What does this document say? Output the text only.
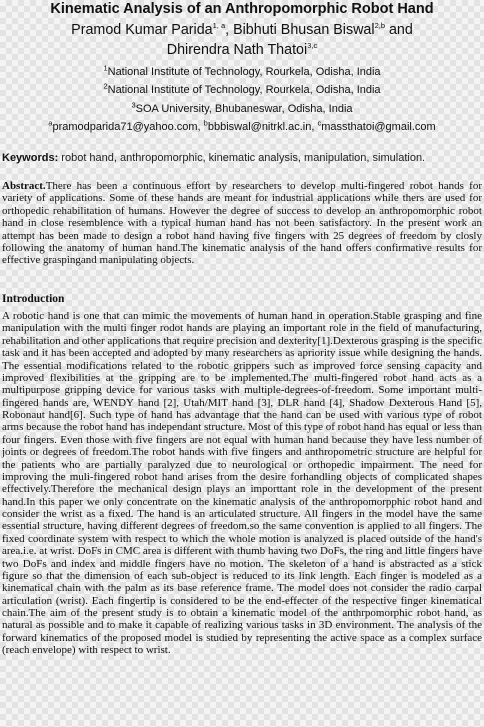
Kinematic Analysis of an Anthropomorphic Robot Hand
Pramod Kumar Parida$^{1, a}$, Bibhuti Bhusan Biswal$^{2,b}$ and
Dhirendra Nath Thatoi$^{3,c}$
$^1$National Institute of Technology, Rourkela, Odisha, India
$^2$National Institute of Technology, Rourkela, Odisha, India
$^3$SOA University, Bhubaneswar, Odisha, India
$^a$pramodparida71@yahoo.com, $^b$bbbiswal@nitrkl.ac.in, $^c$massthatoi@gmail.com
Keywords: robot hand, anthropomorphic, kinematic analysis, manipulation, simulation.
Abstract.There has been a continuous effort by researchers to develop multi-fingered robot hands for variety of applications. Some of these hands are meant for industrial applications while thers are used for orthopedic rehabilitation of humans. However the degree of success to develop an anthropomorphic robot hand in close resemblence with a typical human hand has not been satisfactory. In the present work an attempt has been made to design a robot hand having five fingers with 25 degrees of freedom by closly following the anatomy of human hand.The kinematic analysis of the hand offers confirmative results for effective graspingand manipulating objects.
Introduction

A robotic hand is one that can mimic the movements of human hand in operation.Stable grasping and fine manipulation with the multi finger rodot hands are playing an important role in the field of manufacturing, rehabilitation and other applications that require precision and dexterity[1].Dexterous grasping is the specific task and it has been accepted and adopted by many researchers as apriority issue while designing the hands. The essential modifications related to the robotic grippers such as improved force sensing capacity and improved flexibilities at the gripping are to be implemented.The multi-fingered robot hand acts as a multipurpose gripping device for various tasks with multiple-degrees-of-freedom. Some important multi-fingered hands are, WENDY hand [2], Utah/MIT hand [3], DLR hand [4], Shadow Dexterous Hand [5], Robonaut hand[6]. Such type of hand has advantage that the hand can be used with various type of robot arms because the robot hand has independant structure. Most of this type of robot hand has equal or less than four fingers. Even those with five fingers are not equal with human hand because they have less number of joints or degrees of freedom.The robot hands with five fingers and anthropometric structure are helpful for the patients who are partially paralyzed due to neurological or orthopedic impairment. The need for improving the muli-fingered robot hand arises from the desire forhandling objects of complicated shapes effectively.Therefore the mechanical design plays an importtant role in the development of the present hand.In this paper we only concentrate on the kinematic analysis of the anthropomorpphic robot hand and consider the wrist as a fixed. The hand is an articulated structure. All fingers in the model have the same essential structure, having different degrees of freedom.so the same convention is applied to all fingers. The fixed coordinate system with respect to which the whole motion is analyzed is placed outside of the hand's area.i.e. at wrist. DoFs in CMC area is different with thumb having two DoFs, the ring and little fingers have two DoFs and index and middle fingers have no motion. The skeleton of a hand is abstracted as a stick figure so that the dimension of each sub-object is reduced to its link length. Each finger is modeled as a kinematical chain with the palm as its base reference frame. The model does not consider the radio carpal articulation (wrist). Each fingertip is considered to be the end-effecter of the respective finger kinematical chain.The aim of the present study is to obtain a kinematic model of the anthrpomorphic robot hand, as natural as possible and to make it capable of realizing various tasks in 3D environment. The analysis of the forward kinematics of the proposed model is studied by representing the active space as a complex surface (reach envelope) with respect to wrist.
